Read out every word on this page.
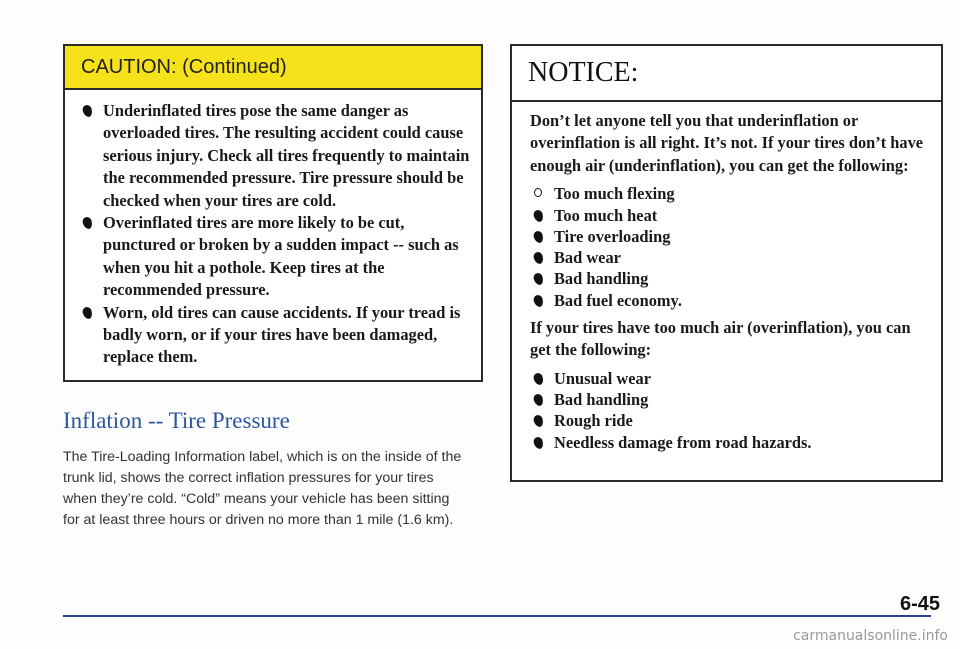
CAUTION: (Continued)
Underinflated tires pose the same danger as overloaded tires. The resulting accident could cause serious injury. Check all tires frequently to maintain the recommended pressure. Tire pressure should be checked when your tires are cold.
Overinflated tires are more likely to be cut, punctured or broken by a sudden impact -- such as when you hit a pothole. Keep tires at the recommended pressure.
Worn, old tires can cause accidents. If your tread is badly worn, or if your tires have been damaged, replace them.
Inflation -- Tire Pressure

The Tire-Loading Information label, which is on the inside of the trunk lid, shows the correct inflation pressures for your tires when they’re cold. “Cold” means your vehicle has been sitting for at least three hours or driven no more than 1 mile (1.6 km).

NOTICE:

Don’t let anyone tell you that underinflation or overinflation is all right. It’s not. If your tires don’t have enough air (underinflation), you can get the following:

Too much flexing
Too much heat
Tire overloading
Bad wear
Bad handling
Bad fuel economy.

If your tires have too much air (overinflation), you can get the following:

Unusual wear
Bad handling
Rough ride
Needless damage from road hazards.
6-45
carmanualsonline.info
